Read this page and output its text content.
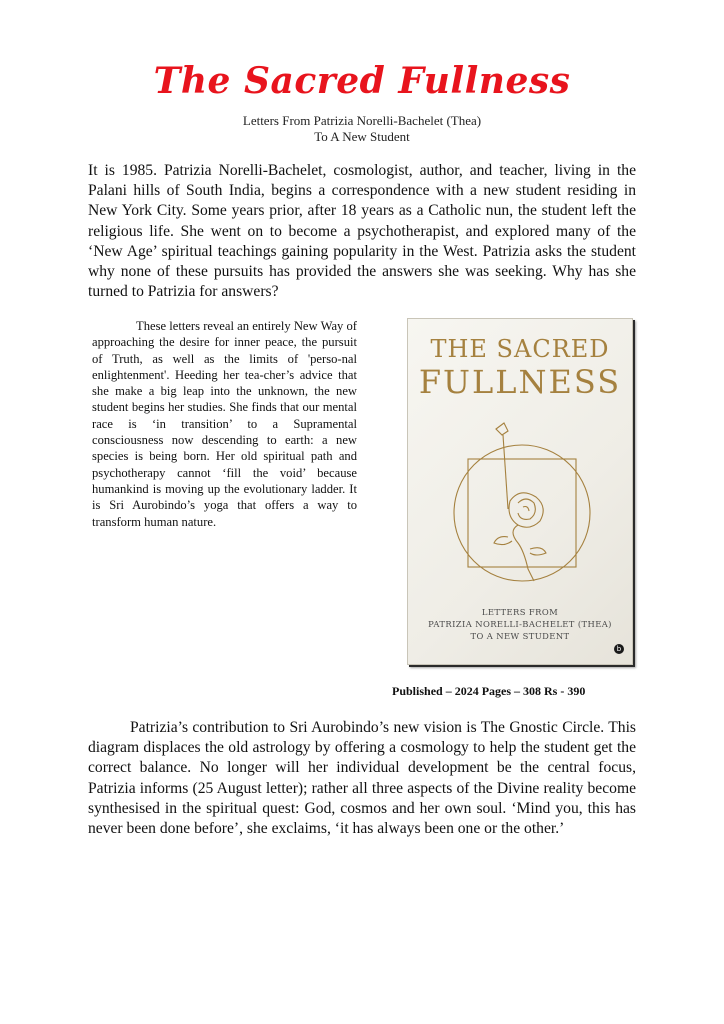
The Sacred Fullness
Letters From Patrizia Norelli-Bachelet (Thea)
To A New Student

It is 1985. Patrizia Norelli-Bachelet, cosmologist, author, and teacher, living in the Palani hills of South India, begins a correspondence with a new student residing in New York City. Some years prior, after 18 years as a Catholic nun, the student left the religious life. She went on to become a psychotherapist, and explored many of the ‘New Age’ spiritual teachings gaining popularity in the West. Patrizia asks the student why none of these pursuits has provided the answers she was seeking. Why has she turned to Patrizia for answers?

These letters reveal an entirely New Way of approaching the desire for inner peace, the pursuit of Truth, as well as the limits of 'perso-nal enlightenment'. Heeding her tea-cher’s advice that she make a big leap into the unknown, the new student begins her studies. She finds that our mental race is ‘in transition’ to a Supramental consciousness now descending to earth: a new species is being born. Her old spiritual path and psychotherapy cannot ‘fill the void’ because humankind is moving up the evolutionary ladder. It is Sri Aurobindo’s yoga that offers a way to transform human nature.

THE SACRED
FULLNESS
LETTERS FROM
PATRIZIA NORELLI-BACHELET (THEA)
TO A NEW STUDENT
b
Published – 2024 Pages – 308 Rs - 390

Patrizia’s contribution to Sri Aurobindo’s new vision is The Gnostic Circle. This diagram displaces the old astrology by offering a cosmology to help the student get the correct balance. No longer will her individual development be the central focus, Patrizia informs (25 August letter); rather all three aspects of the Divine reality become synthesised in the spiritual quest: God, cosmos and her own soul. ‘Mind you, this has never been done before’, she exclaims, ‘it has always been one or the other.’
